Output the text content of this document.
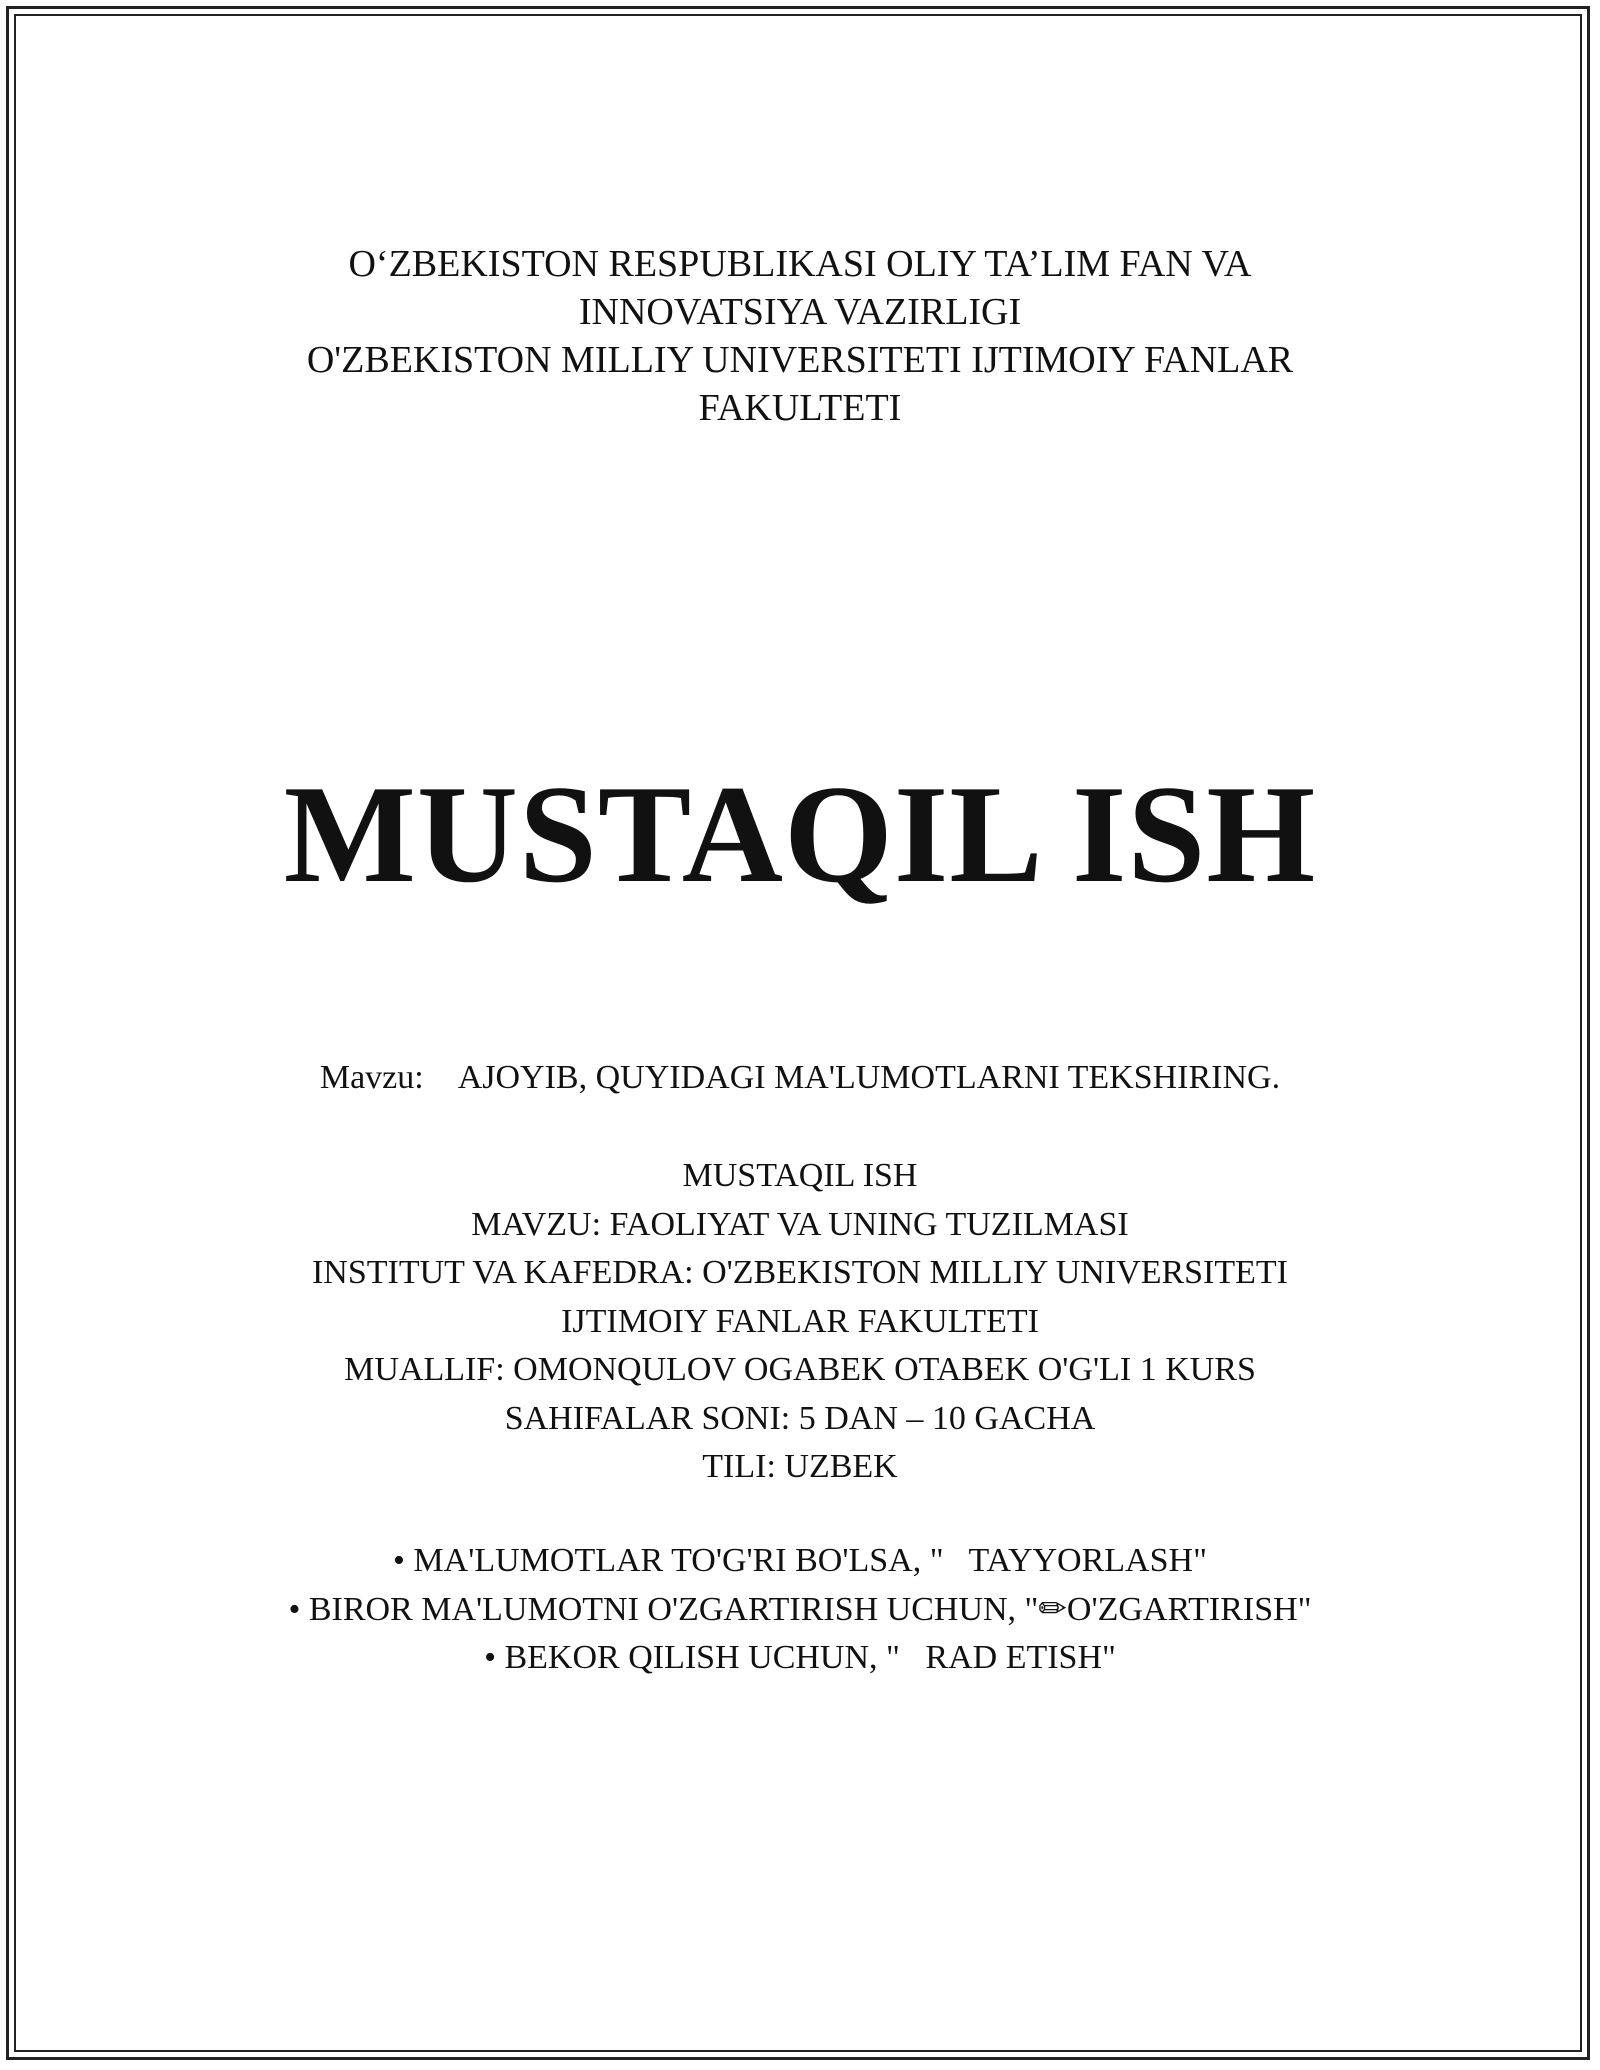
O‘ZBEKISTON RESPUBLIKASI OLIY TA’LIM FAN VA
INNOVATSIYA VAZIRLIGI
O'ZBEKISTON MILLIY UNIVERSITETI IJTIMOIY FANLAR
FAKULTETI
MUSTAQIL ISH
Mavzu: AJOYIB, QUYIDAGI MA'LUMOTLARNI TEKSHIRING.
MUSTAQIL ISH
MAVZU: FAOLIYAT VA UNING TUZILMASI
INSTITUT VA KAFEDRA: O'ZBEKISTON MILLIY UNIVERSITETI
IJTIMOIY FANLAR FAKULTETI
MUALLIF: OMONQULOV OGABEK OTABEK O'G'LI 1 KURS
SAHIFALAR SONI: 5 DAN – 10 GACHA
TILI: UZBEK
• MA'LUMOTLAR TO'G'RI BO'LSA, "   TAYYORLASH"
• BIROR MA'LUMOTNI O'ZGARTIRISH UCHUN, "✏O'ZGARTIRISH"
• BEKOR QILISH UCHUN, "   RAD ETISH"
